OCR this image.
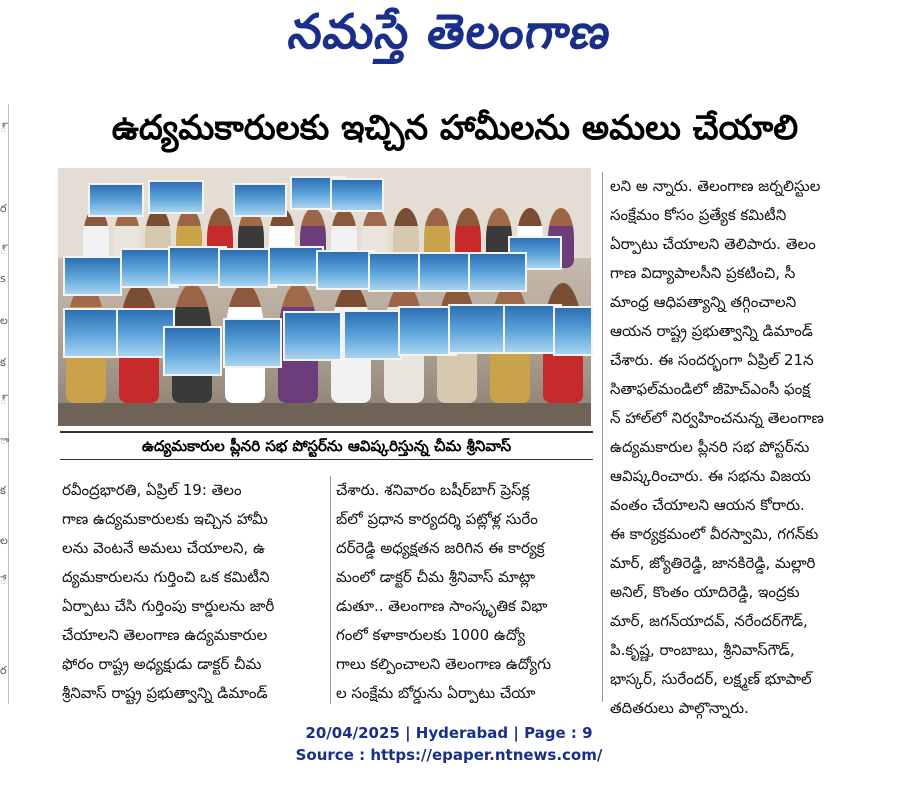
నమస్తే తెలంగాణ
్
ర
్
s
ల
క
్
ా
క
ల
ే
ర
ఉద్యమకారులకు ఇచ్చిన హామీలను అమలు చేయాలి
ఉద్యమకారుల ప్లీనరి సభ పోస్టర్‌ను ఆవిష్కరిస్తున్న చీమ శ్రీనివాస్
రవీంద్రభారతి, ఏప్రిల్ 19: తెలం
గాణ ఉద్యమకారులకు ఇచ్చిన హామీ
లను వెంటనే అమలు చేయాలని, ఉ
ద్యమకారులను గుర్తించి ఒక కమిటీని
ఏర్పాటు చేసి గుర్తింపు కార్డులను జారీ
చేయాలని తెలంగాణ ఉద్యమకారుల
ఫోరం రాష్ట్ర అధ్యక్షుడు డాక్టర్ చీమ
శ్రీనివాస్ రాష్ట్ర ప్రభుత్వాన్ని డిమాండ్
చేశారు. శనివారం బషీర్‌బాగ్ ప్రెస్‌క్ల
బ్‌లో ప్రధాన కార్యదర్శి పట్లోళ్ల సురేం
దర్‌రెడ్డి అధ్యక్షతన జరిగిన ఈ కార్యక్ర
మంలో డాక్టర్ చీమ శ్రీనివాస్ మాట్లా
డుతూ.. తెలంగాణ సాంస్కృతిక విభా
గంలో కళాకారులకు 1000 ఉద్యో
గాలు కల్పించాలని తెలంగాణ ఉద్యోగు
ల సంక్షేమ బోర్డును ఏర్పాటు చేయా
లని అ న్నారు. తెలంగాణ జర్నలిస్టుల
సంక్షేమం కోసం ప్రత్యేక కమిటీని
ఏర్పాటు చేయాలని తెలిపారు. తెలం
గాణ విద్యాపాలసీని ప్రకటించి, సీ
మాంధ్ర ఆధిపత్యాన్ని తగ్గించాలని
ఆయన రాష్ట్ర ప్రభుత్వాన్ని డిమాండ్
చేశారు. ఈ సందర్భంగా ఏప్రిల్ 21న
సితాఫల్‌మండిలో జీహెచ్‌ఎంసీ ఫంక్ష
న్ హాల్‌లో నిర్వహించనున్న తెలంగాణ
ఉద్యమకారుల ప్లీనరి సభ పోస్టర్‌ను
ఆవిష్కరించారు. ఈ సభను విజయ
వంతం చేయాలని ఆయన కోరారు.
ఈ కార్యక్రమంలో వీరస్వామి, గగన్‌కు
మార్, జ్యోతిరెడ్డి, జానకిరెడ్డి, మల్లారి
అనిల్, కొంతం యాదిరెడ్డి, ఇంద్రకు
మార్, జగన్‌యాదవ్, నరేందర్‌గౌడ్,
పి.కృష్ణ, రాంబాబు, శ్రీనివాస్‌గౌడ్,
భాస్కర్, సురేందర్, లక్ష్మణ్ భూపాల్
తదితరులు పాల్గొన్నారు.
20/04/2025 | Hyderabad | Page : 9
Source : https://epaper.ntnews.com/
